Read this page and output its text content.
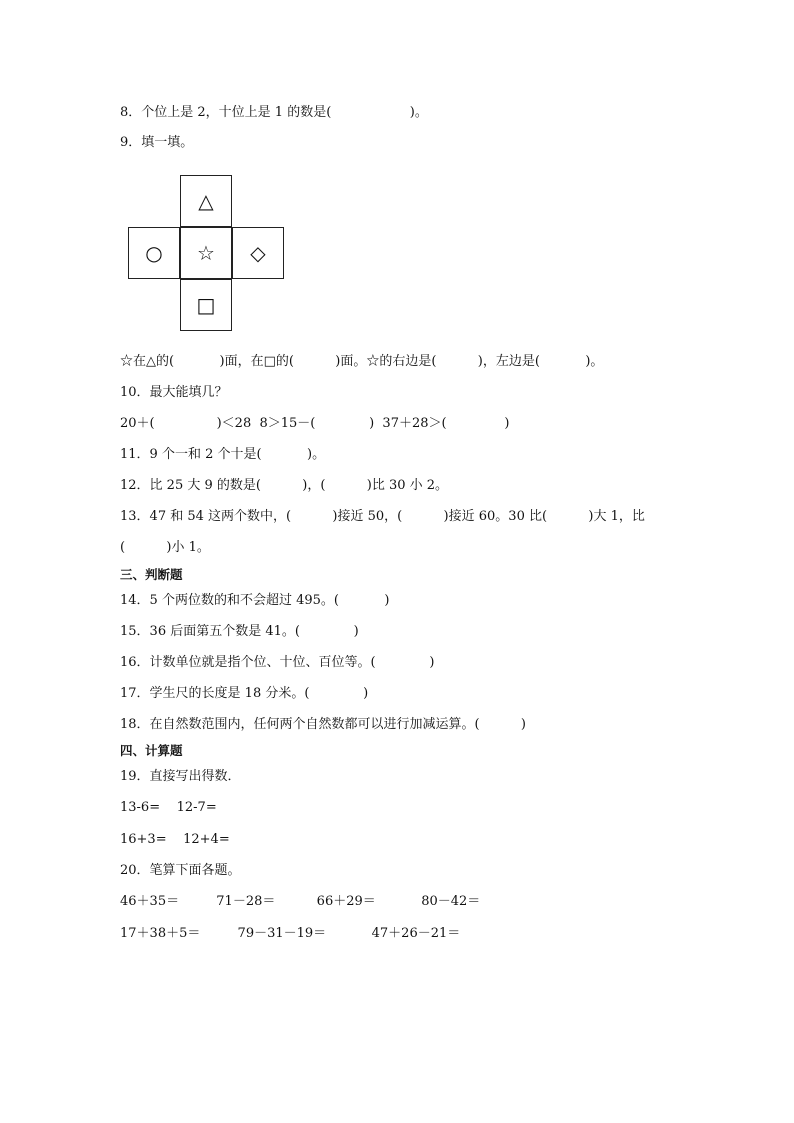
8．个位上是 2，十位上是 1 的数是(                   )。
9．填一填。
△
○	☆	◇
□
☆在△的(           )面，在□的(          )面。☆的右边是(          )，左边是(           )。
10．最大能填几？
20＋(               )＜28  8＞15－(             )  37＋28＞(              )
11．9 个一和 2 个十是(           )。
12．比 25 大 9 的数是(          )，(          )比 30 小 2。
13．47 和 54 这两个数中，(          )接近 50，(          )接近 60。30 比(          )大 1，比
(          )小 1。
三、判断题
14．5 个两位数的和不会超过 495。(           )
15．36 后面第五个数是 41。(             )
16．计数单位就是指个位、十位、百位等。(             )
17．学生尺的长度是 18 分米。(             )
18．在自然数范围内，任何两个自然数都可以进行加减运算。(          )
四、计算题
19．直接写出得数．
13-6=    12-7=
16+3=    12+4=
20．笔算下面各题。
46＋35＝         71－28＝          66＋29＝           80－42＝
17＋38＋5＝         79－31－19＝           47＋26－21＝
